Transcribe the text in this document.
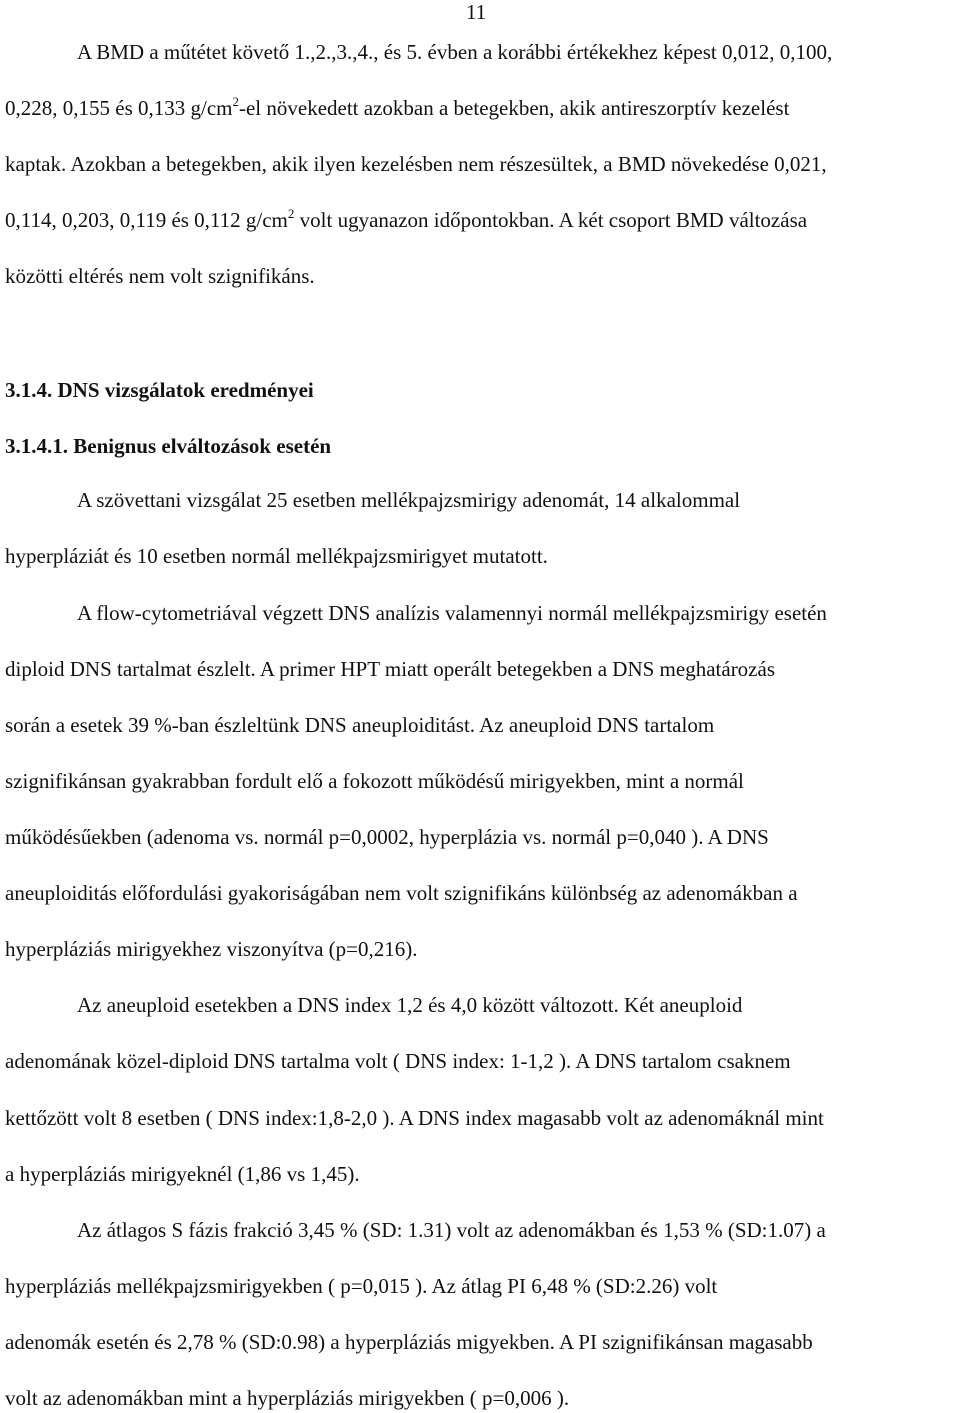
11
A BMD a műtétet követő 1.,2.,3.,4., és 5. évben a korábbi értékekhez képest 0,012, 0,100,
0,228, 0,155 és 0,133 $g/cm^2-el$ növekedett azokban a betegekben, akik antireszorptív kezelést
kaptak. Azokban a betegekben, akik ilyen kezelésben nem részesültek, a BMD növekedése 0,021,
0,114, 0,203, 0,119 és 0,112 $g/cm^2$ volt ugyanazon időpontokban. A két csoport BMD változása
közötti eltérés nem volt szignifikáns.
3.1.4. DNS vizsgálatok eredményei
3.1.4.1. Benignus elváltozások esetén
A szövettani vizsgálat 25 esetben mellékpajzsmirigy adenomát, 14 alkalommal
hyperpláziát és 10 esetben normál mellékpajzsmirigyet mutatott.
A flow-cytometriával végzett DNS analízis valamennyi normál mellékpajzsmirigy esetén
diploid DNS tartalmat észlelt. A primer HPT miatt operált betegekben a DNS meghatározás
során a esetek 39 %-ban észleltünk DNS aneuploiditást. Az aneuploid DNS tartalom
szignifikánsan gyakrabban fordult elő a fokozott működésű mirigyekben, mint a normál
működésűekben (adenoma vs. normál p=0,0002, hyperplázia vs. normál p=0,040 ). A DNS
aneuploiditás előfordulási gyakoriságában nem volt szignifikáns különbség az adenomákban a
hyperpláziás mirigyekhez viszonyítva (p=0,216).
Az aneuploid esetekben a DNS index 1,2 és 4,0 között változott. Két aneuploid
adenomának közel-diploid DNS tartalma volt ( DNS index: 1-1,2 ). A DNS tartalom csaknem
kettőzött volt 8 esetben ( DNS index:1,8-2,0 ). A DNS index magasabb volt az adenomáknál mint
a hyperpláziás mirigyeknél (1,86 vs 1,45).
Az átlagos S fázis frakció 3,45 % (SD: 1.31) volt az adenomákban és 1,53 % (SD:1.07) a
hyperpláziás mellékpajzsmirigyekben ( p=0,015 ). Az átlag PI 6,48 % (SD:2.26) volt
adenomák esetén és 2,78 % (SD:0.98) a hyperpláziás migyekben. A PI szignifikánsan magasabb
volt az adenomákban mint a hyperpláziás mirigyekben ( p=0,006 ).
